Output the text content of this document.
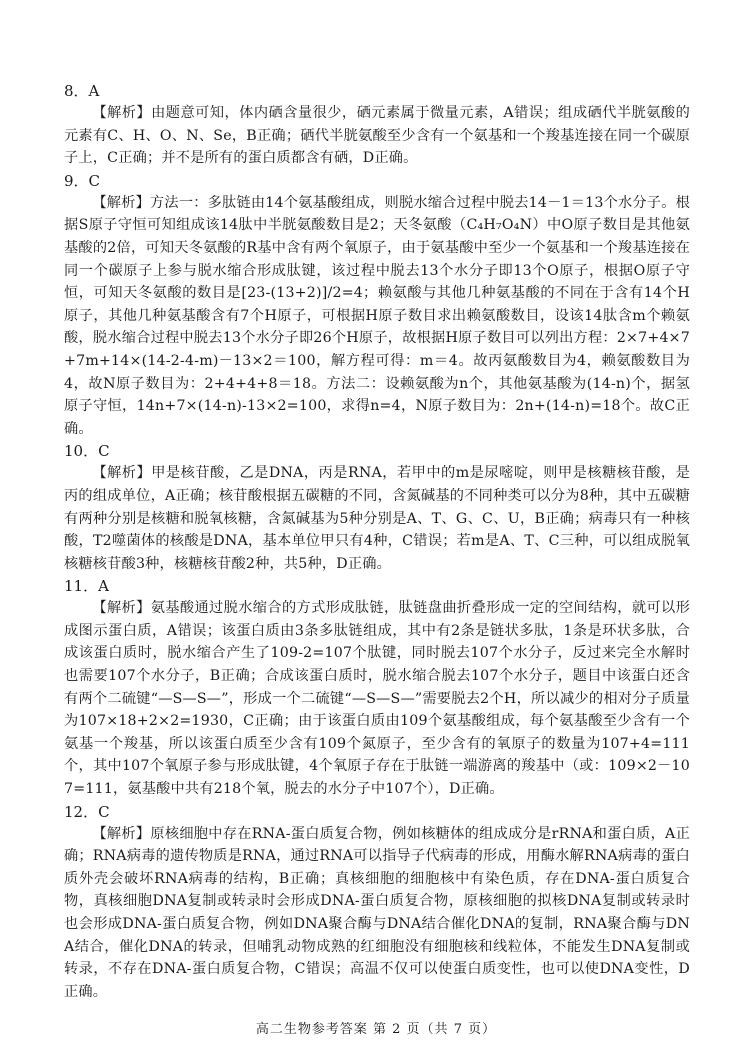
8．A

【解析】由题意可知，体内硒含量很少，硒元素属于微量元素，A错误；组成硒代半胱氨酸的元素有C、H、O、N、Se，B正确；硒代半胱氨酸至少含有一个氨基和一个羧基连接在同一个碳原子上，C正确；并不是所有的蛋白质都含有硒，D正确。

9．C

【解析】方法一：多肽链由14个氨基酸组成，则脱水缩合过程中脱去14－1＝13个水分子。根据S原子守恒可知组成该14肽中半胱氨酸数目是2；天冬氨酸（C₄H₇O₄N）中O原子数目是其他氨基酸的2倍，可知天冬氨酸的R基中含有两个氧原子，由于氨基酸中至少一个氨基和一个羧基连接在同一个碳原子上参与脱水缩合形成肽键，该过程中脱去13个水分子即13个O原子，根据O原子守恒，可知天冬氨酸的数目是[23-(13+2)]/2=4；赖氨酸与其他几种氨基酸的不同在于含有14个H原子，其他几种氨基酸含有7个H原子，可根据H原子数目求出赖氨酸数目，设该14肽含m个赖氨酸，脱水缩合过程中脱去13个水分子即26个H原子，故根据H原子数目可以列出方程：2×7+4×7+7m+14×(14-2-4-m)－13×2＝100，解方程可得：m＝4。故丙氨酸数目为4，赖氨酸数目为4，故N原子数目为：2+4+4+8＝18。方法二：设赖氨酸为n个，其他氨基酸为(14-n)个，据氢原子守恒，14n+7×(14-n)-13×2=100，求得n=4，N原子数目为：2n+(14-n)=18个。故C正确。

10．C

【解析】甲是核苷酸，乙是DNA，丙是RNA，若甲中的m是尿嘧啶，则甲是核糖核苷酸，是丙的组成单位，A正确；核苷酸根据五碳糖的不同，含氮碱基的不同种类可以分为8种，其中五碳糖有两种分别是核糖和脱氧核糖，含氮碱基为5种分别是A、T、G、C、U，B正确；病毒只有一种核酸，T2噬菌体的核酸是DNA，基本单位甲只有4种，C错误；若m是A、T、C三种，可以组成脱氧核糖核苷酸3种，核糖核苷酸2种，共5种，D正确。

11．A

【解析】氨基酸通过脱水缩合的方式形成肽链，肽链盘曲折叠形成一定的空间结构，就可以形成图示蛋白质，A错误；该蛋白质由3条多肽链组成，其中有2条是链状多肽，1条是环状多肽，合成该蛋白质时，脱水缩合产生了109-2=107个肽键，同时脱去107个水分子，反过来完全水解时也需要107个水分子，B正确；合成该蛋白质时，脱水缩合脱去107个水分子，题目中该蛋白还含有两个二硫键“—S—S—”，形成一个二硫键“—S—S—”需要脱去2个H，所以减少的相对分子质量为107×18+2×2=1930，C正确；由于该蛋白质由109个氨基酸组成，每个氨基酸至少含有一个氨基一个羧基，所以该蛋白质至少含有109个氮原子，至少含有的氧原子的数量为107+4=111个，其中107个氧原子参与形成肽键，4个氧原子存在于肽链一端游离的羧基中（或：109×2－107=111，氨基酸中共有218个氧，脱去的水分子中107个），D正确。

12．C

【解析】原核细胞中存在RNA-蛋白质复合物，例如核糖体的组成成分是rRNA和蛋白质，A正确；RNA病毒的遗传物质是RNA，通过RNA可以指导子代病毒的形成，用酶水解RNA病毒的蛋白质外壳会破坏RNA病毒的结构，B正确；真核细胞的细胞核中有染色质，存在DNA-蛋白质复合物，真核细胞DNA复制或转录时会形成DNA-蛋白质复合物，原核细胞的拟核DNA复制或转录时也会形成DNA-蛋白质复合物，例如DNA聚合酶与DNA结合催化DNA的复制，RNA聚合酶与DNA结合，催化DNA的转录，但哺乳动物成熟的红细胞没有细胞核和线粒体，不能发生DNA复制或转录，不存在DNA-蛋白质复合物，C错误；高温不仅可以使蛋白质变性，也可以使DNA变性，D正确。

高二生物参考答案 第 2 页（共 7 页）
